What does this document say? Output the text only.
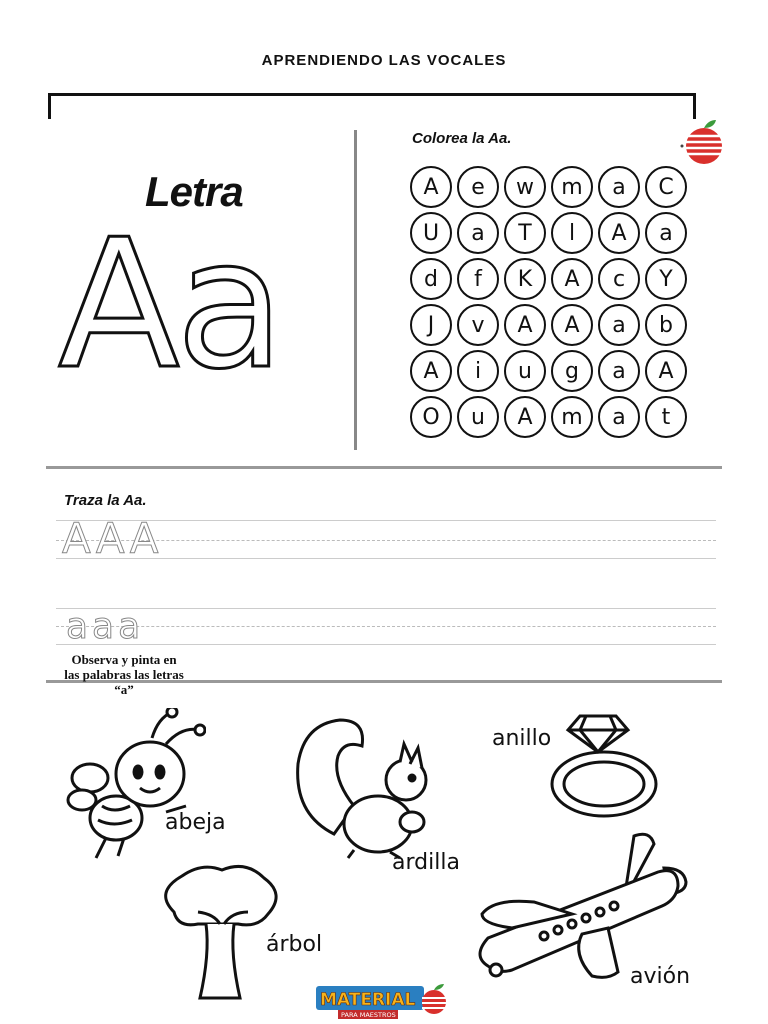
APRENDIENDO LAS VOCALES
Letra
Aa
Colorea la Aa.
A	e	w	m	a	C
U	a	T	l	A	a
d	f	K	A	c	Y
J	v	A	A	a	b
A	i	u	g	a	A
O	u	A	m	a	t
Traza la Aa.
AAA
aaa
Observa y pinta en
las palabras las letras
“a”
abeja
ardilla
anillo
árbol
avión
MATERIAL
PARA MAESTROS
